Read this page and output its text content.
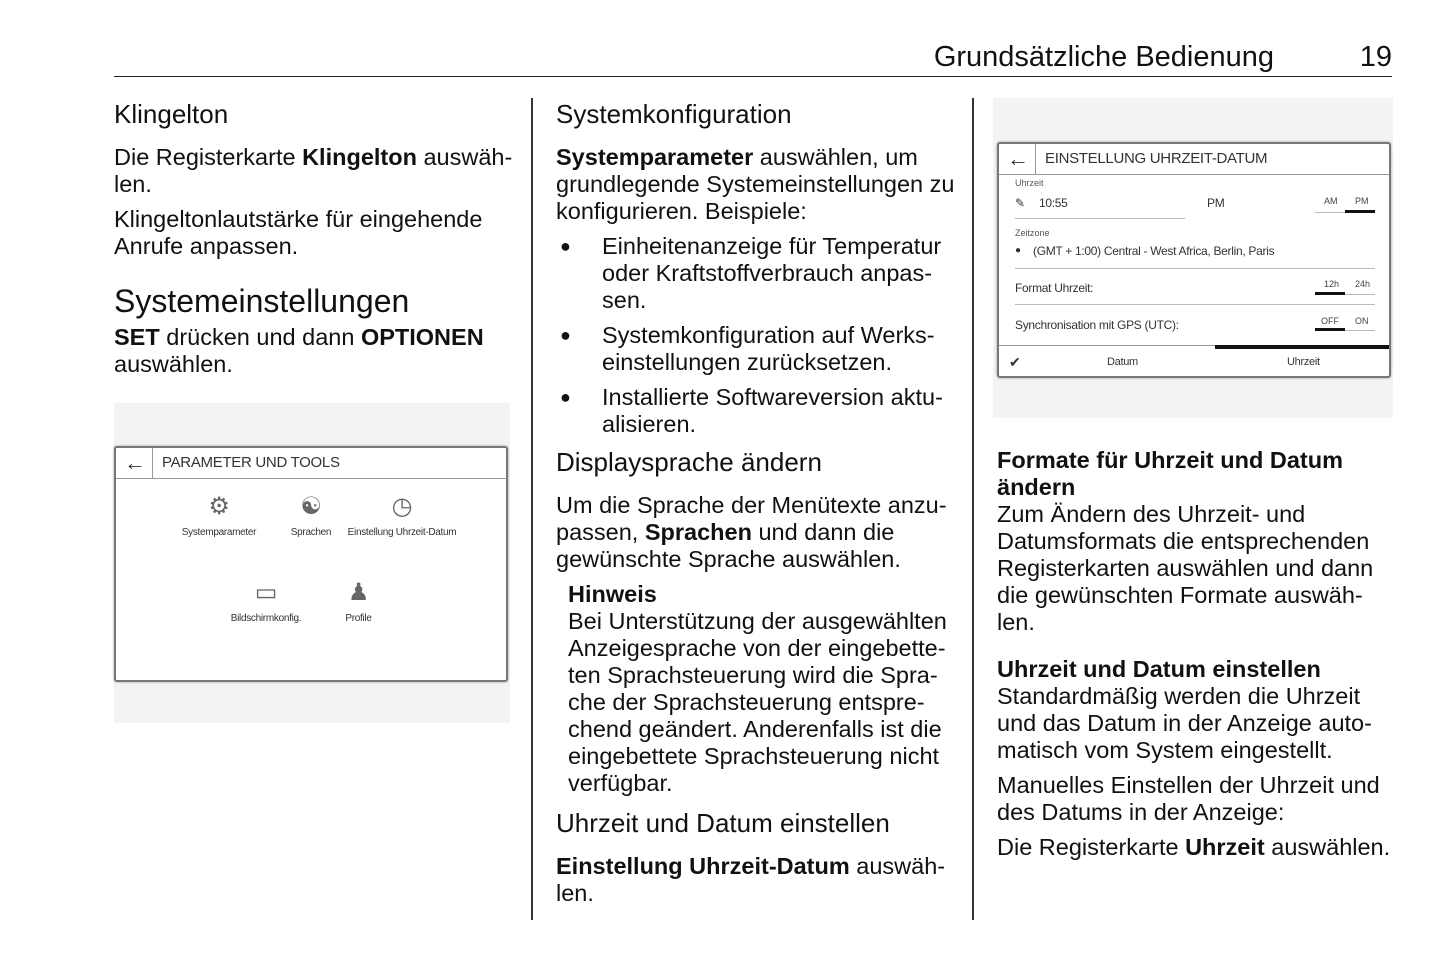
Grundsätzliche Bedienung	19
Klingelton

Die Registerkarte Klingelton auswäh-len.

Klingeltonlautstärke für eingehende Anrufe anpassen.

Systemeinstellungen

SET drücken und dann OPTIONEN auswählen.

← PARAMETER UND TOOLS
⚙
Systemparameter
☯
Sprachen
◷
Einstellung Uhrzeit-Datum
▭
Bildschirmkonfig.
♟
Profile
Systemkonfiguration

Systemparameter auswählen, um grundlegende Systemeinstellungen zu konfigurieren. Beispiele:

● Einheitenanzeige für Temperatur oder Kraftstoffverbrauch anpas-sen.
● Systemkonfiguration auf Werks-einstellungen zurücksetzen.
● Installierte Softwareversion aktu-alisieren.
Displaysprache ändern

Um die Sprache der Menütexte anzu-passen, Sprachen und dann die gewünschte Sprache auswählen.

Hinweis

Bei Unterstützung der ausgewählten Anzeigesprache von der eingebette-ten Sprachsteuerung wird die Spra-che der Sprachsteuerung entspre-chend geändert. Anderenfalls ist die eingebettete Sprachsteuerung nicht verfügbar.

Uhrzeit und Datum einstellen

Einstellung Uhrzeit-Datum auswäh-len.

← EINSTELLUNG UHRZEIT-DATUM
Uhrzeit
✎ 10:55	PM	AM PM
Zeitzone
● (GMT + 1:00) Central - West Africa, Berlin, Paris
Format Uhrzeit:	12h 24h
Synchronisation mit GPS (UTC):	OFF ON
✔	Datum	Uhrzeit

Formate für Uhrzeit und Datum ändern

Zum Ändern des Uhrzeit- und Datumsformats die entsprechenden Registerkarten auswählen und dann die gewünschten Formate auswäh-len.

Uhrzeit und Datum einstellen

Standardmäßig werden die Uhrzeit und das Datum in der Anzeige auto-matisch vom System eingestellt.

Manuelles Einstellen der Uhrzeit und des Datums in der Anzeige:

Die Registerkarte Uhrzeit auswählen.
